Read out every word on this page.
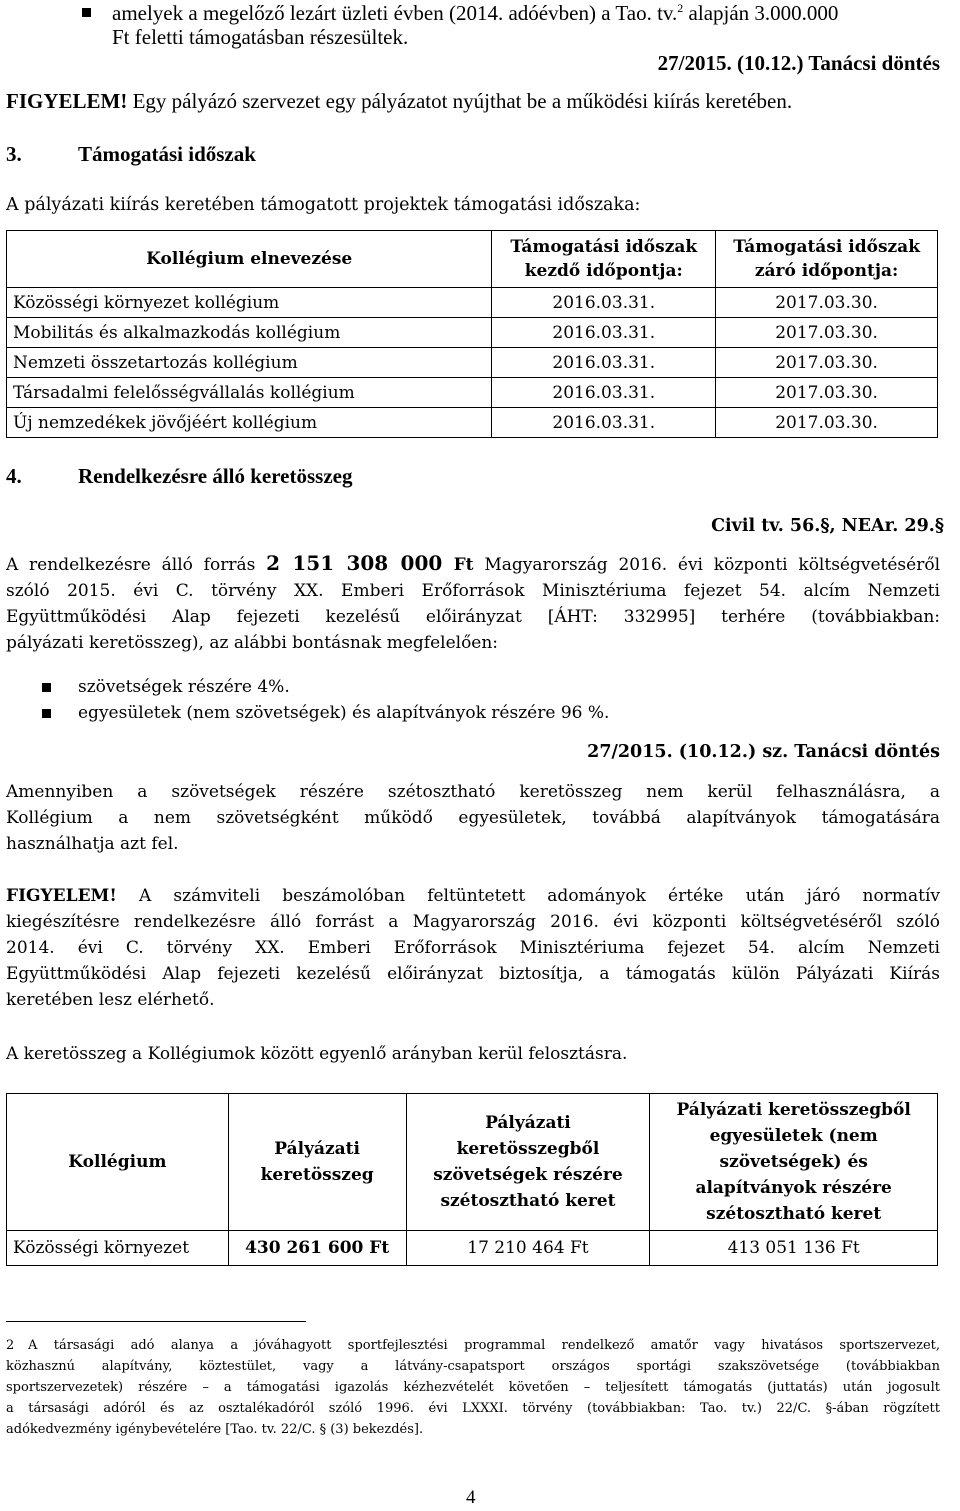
amelyek a megelőző lezárt üzleti évben (2014. adóévben) a Tao. tv.$^2$ alapján 3.000.000
Ft feletti támogatásban részesültek.
27/2015. (10.12.) Tanácsi döntés
FIGYELEM! Egy pályázó szervezet egy pályázatot nyújthat be a működési kiírás keretében.
3.	Támogatási időszak
A pályázati kiírás keretében támogatott projektek támogatási időszaka:
Kollégium elnevezése	Támogatási időszak kezdő időpontja:	Támogatási időszak záró időpontja:
Közösségi környezet kollégium	2016.03.31.	2017.03.30.
Mobilitás és alkalmazkodás kollégium	2016.03.31.	2017.03.30.
Nemzeti összetartozás kollégium	2016.03.31.	2017.03.30.
Társadalmi felelősségvállalás kollégium	2016.03.31.	2017.03.30.
Új nemzedékek jövőjéért kollégium	2016.03.31.	2017.03.30.
4.	Rendelkezésre álló keretösszeg
Civil tv. 56.§, NEAr. 29.§
A rendelkezésre álló forrás 2 151 308 000 Ft Magyarország 2016. évi központi költségvetéséről
szóló 2015. évi C. törvény XX. Emberi Erőforrások Minisztériuma fejezet 54. alcím Nemzeti
Együttműködési Alap fejezeti kezelésű előirányzat [ÁHT: 332995] terhére (továbbiakban:
pályázati keretösszeg), az alábbi bontásnak megfelelően:
szövetségek részére 4%.
egyesületek (nem szövetségek) és alapítványok részére 96 %.
27/2015. (10.12.) sz. Tanácsi döntés
Amennyiben a szövetségek részére szétosztható keretösszeg nem kerül felhasználásra, a
Kollégium a nem szövetségként működő egyesületek, továbbá alapítványok támogatására
használhatja azt fel.
FIGYELEM! A számviteli beszámolóban feltüntetett adományok értéke után járó normatív
kiegészítésre rendelkezésre álló forrást a Magyarország 2016. évi központi költségvetéséről szóló
2014. évi C. törvény XX. Emberi Erőforrások Minisztériuma fejezet 54. alcím Nemzeti
Együttműködési Alap fejezeti kezelésű előirányzat biztosítja, a támogatás külön Pályázati Kiírás
keretében lesz elérhető.
A keretösszeg a Kollégiumok között egyenlő arányban kerül felosztásra.
Kollégium	Pályázati keretösszeg	Pályázati keretösszegből szövetségek részére szétosztható keret	Pályázati keretösszegből egyesületek (nem szövetségek) és alapítványok részére szétosztható keret
Közösségi környezet	430 261 600 Ft	17 210 464 Ft	413 051 136 Ft
2 A társasági adó alanya a jóváhagyott sportfejlesztési programmal rendelkező amatőr vagy hivatásos sportszervezet,
közhasznú alapítvány, köztestület, vagy a látvány-csapatsport országos sportági szakszövetsége (továbbiakban
sportszervezetek) részére – a támogatási igazolás kézhezvételét követően – teljesített támogatás (juttatás) után jogosult
a társasági adóról és az osztalékadóról szóló 1996. évi LXXXI. törvény (továbbiakban: Tao. tv.) 22/C. §-ában rögzített
adókedvezmény igénybevételére [Tao. tv. 22/C. § (3) bekezdés].
4
